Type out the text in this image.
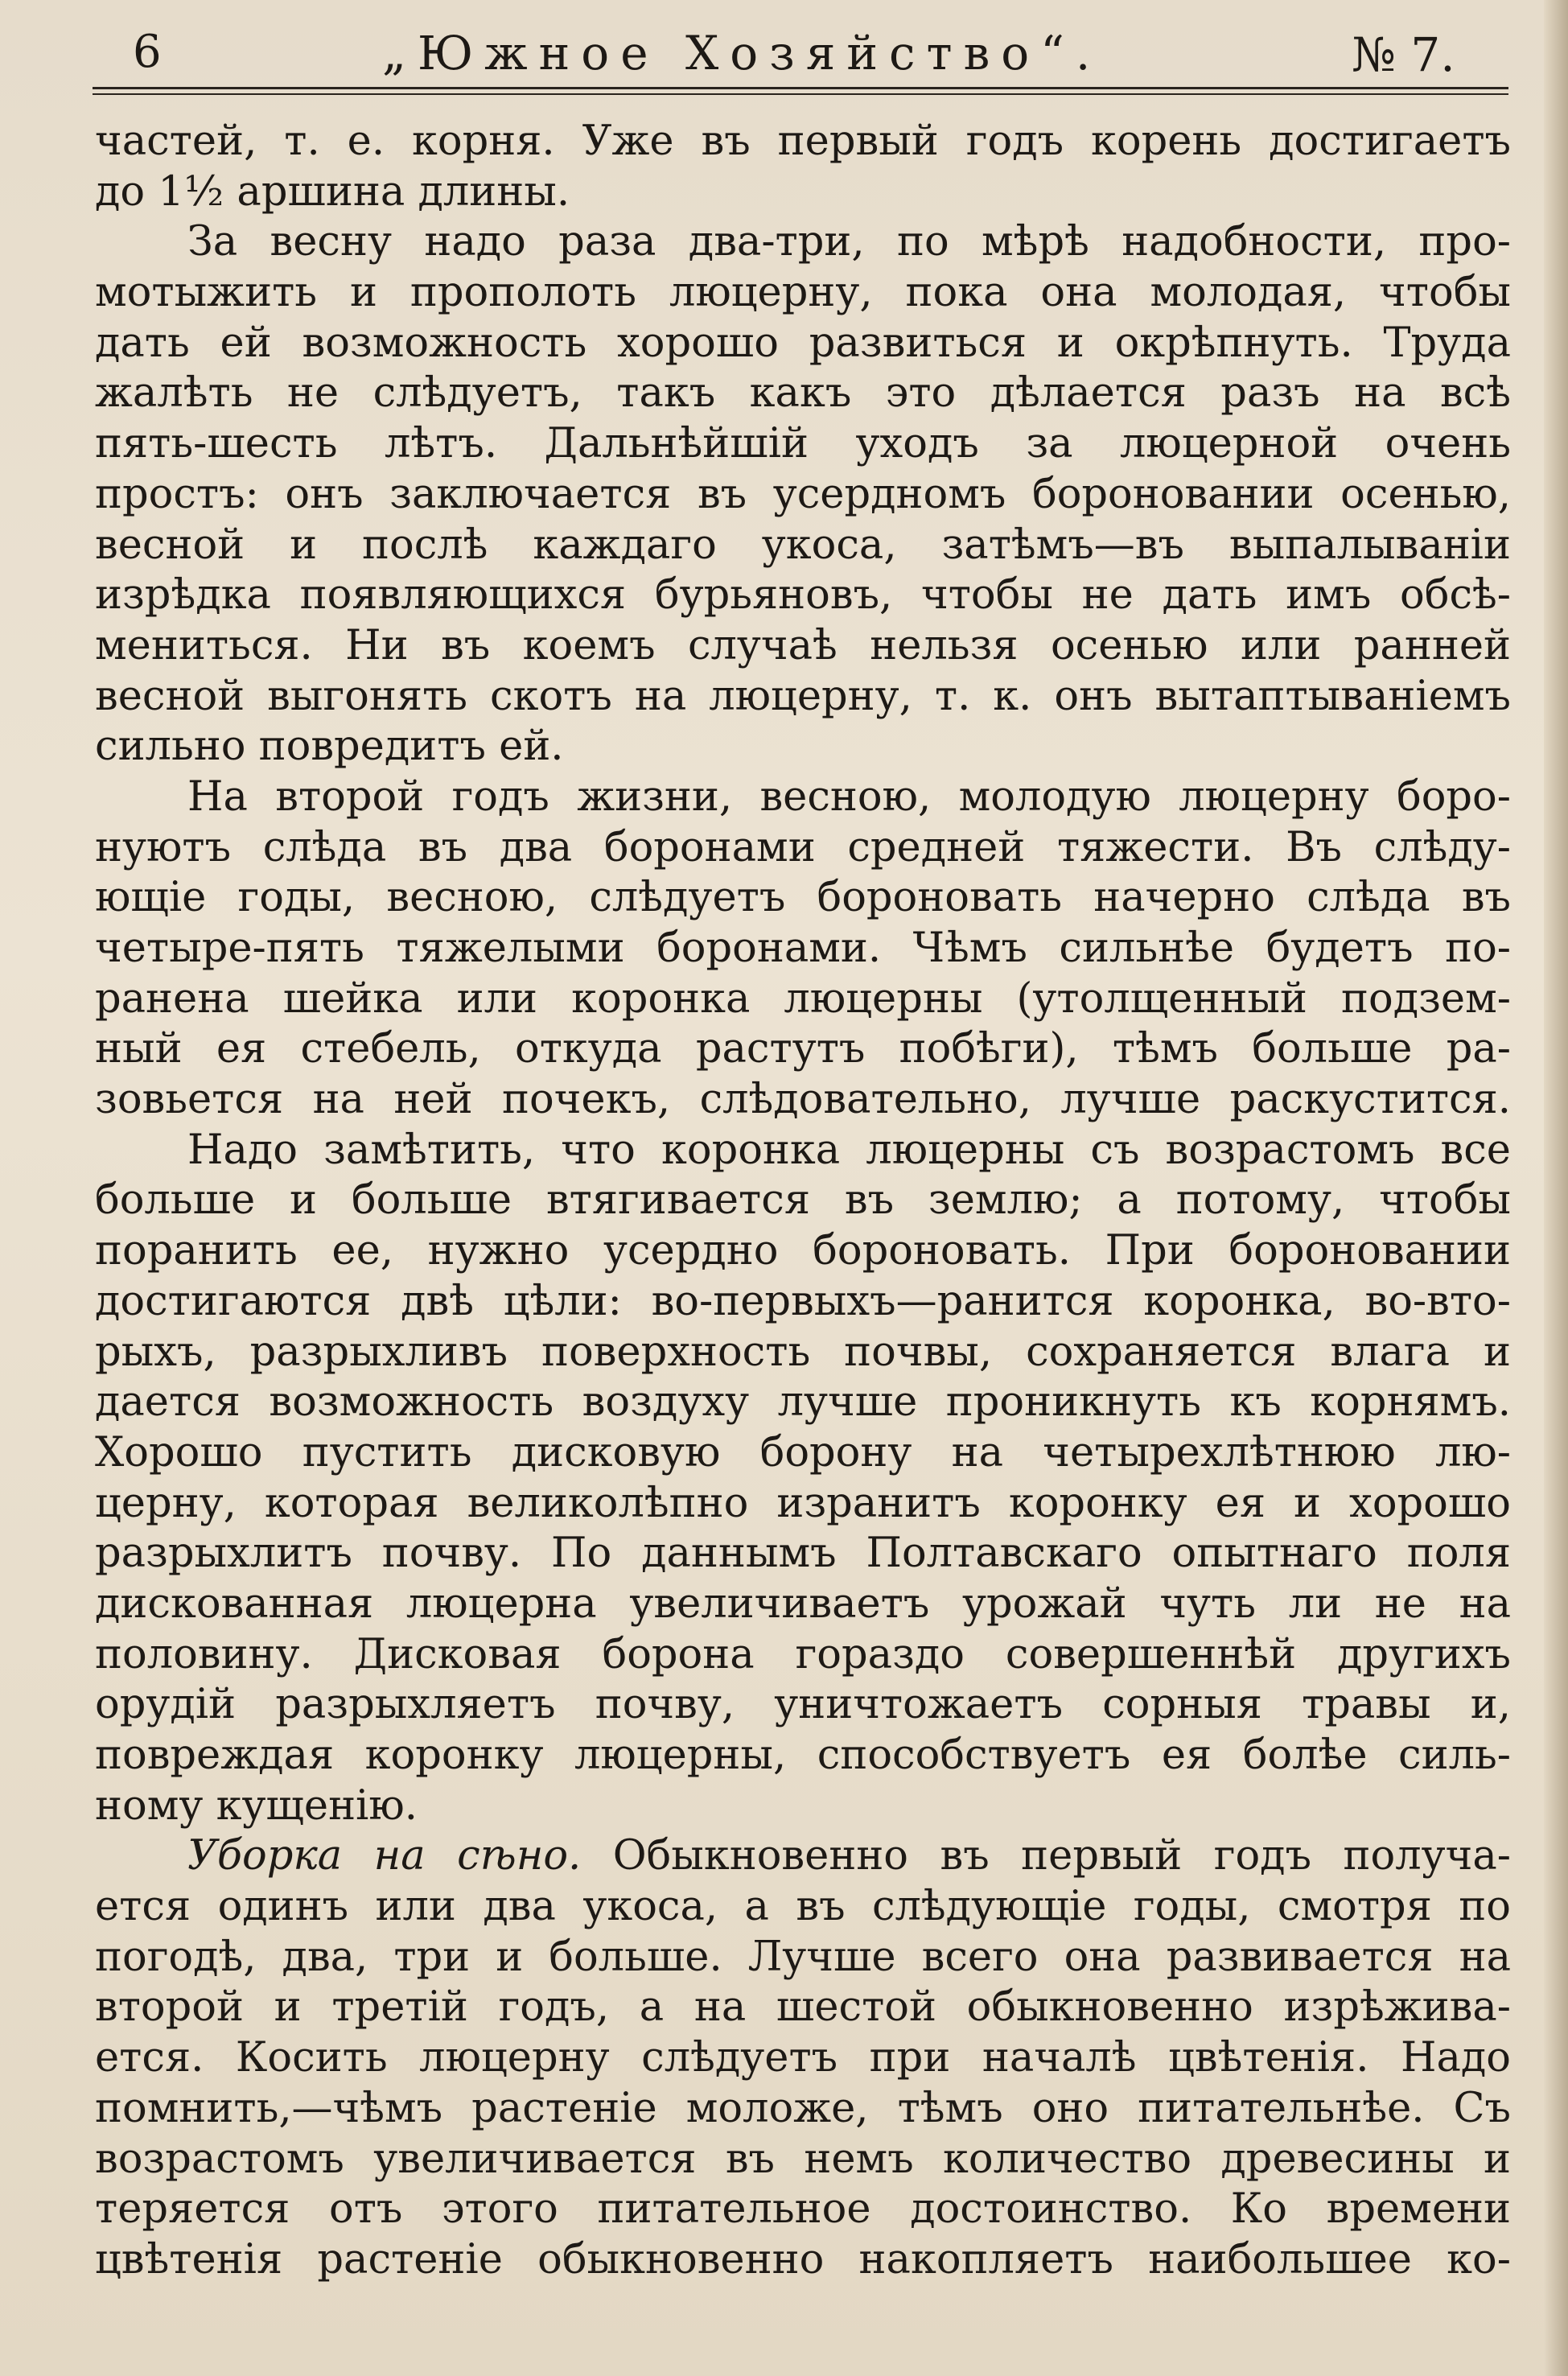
6	„Южное Хозяйство“.	№ 7.
частей, т. е. корня. Уже въ первый годъ корень достигаетъ
до 1½ аршина длины.
За весну надо раза два-три, по мѣрѣ надобности, про-
мотыжить и прополоть люцерну, пока она молодая, чтобы
дать ей возможность хорошо развиться и окрѣпнуть. Труда
жалѣть не слѣдуетъ, такъ какъ это дѣлается разъ на всѣ
пять-шесть лѣтъ. Дальнѣйшій уходъ за люцерной очень
простъ: онъ заключается въ усердномъ бороновании осенью,
весной и послѣ каждаго укоса, затѣмъ—въ выпалываніи
изрѣдка появляющихся бурьяновъ, чтобы не дать имъ обсѣ-
мениться. Ни въ коемъ случаѣ нельзя осенью или ранней
весной выгонять скотъ на люцерну, т. к. онъ вытаптываніемъ
сильно повредитъ ей.
На второй годъ жизни, весною, молодую люцерну боро-
нуютъ слѣда въ два боронами средней тяжести. Въ слѣду-
ющіе годы, весною, слѣдуетъ бороновать начерно слѣда въ
четыре-пять тяжелыми боронами. Чѣмъ сильнѣе будетъ по-
ранена шейка или коронка люцерны (утолщенный подзем-
ный ея стебель, откуда растутъ побѣги), тѣмъ больше ра-
зовьется на ней почекъ, слѣдовательно, лучше раскуститcя.
Надо замѣтить, что коронка люцерны съ возрастомъ все
больше и больше втягивается въ землю; а потому, чтобы
поранить ее, нужно усердно бороновать. При бороновании
достигаются двѣ цѣли: во-первыхъ—ранится коронка, во-вто-
рыхъ, разрыхливъ поверхность почвы, сохраняется влага и
дается возможность воздуху лучше проникнуть къ корнямъ.
Хорошо пустить дисковую борону на четырехлѣтнюю лю-
церну, которая великолѣпно изранитъ коронку ея и хорошо
разрыхлитъ почву. По даннымъ Полтавскаго опытнаго поля
дискованная люцерна увеличиваетъ урожай чуть ли не на
половину. Дисковая борона гораздо совершеннѣй другихъ
орудій разрыхляетъ почву, уничтожаетъ сорныя травы и,
повреждая коронку люцерны, способствуетъ ея болѣе силь-
ному кущенію.
Уборка на сѣно. Обыкновенно въ первый годъ получа-
ется одинъ или два укоса, а въ слѣдующіе годы, смотря по
погодѣ, два, три и больше. Лучше всего она развивается на
второй и третій годъ, а на шестой обыкновенно изрѣжива-
ется. Косить люцерну слѣдуетъ при началѣ цвѣтенія. Надо
помнить,—чѣмъ растеніе моложе, тѣмъ оно питательнѣе. Съ
возрастомъ увеличивается въ немъ количество древесины и
теряется отъ этого питательное достоинство. Ко времени
цвѣтенія растеніе обыкновенно накопляетъ наибольшее ко-
